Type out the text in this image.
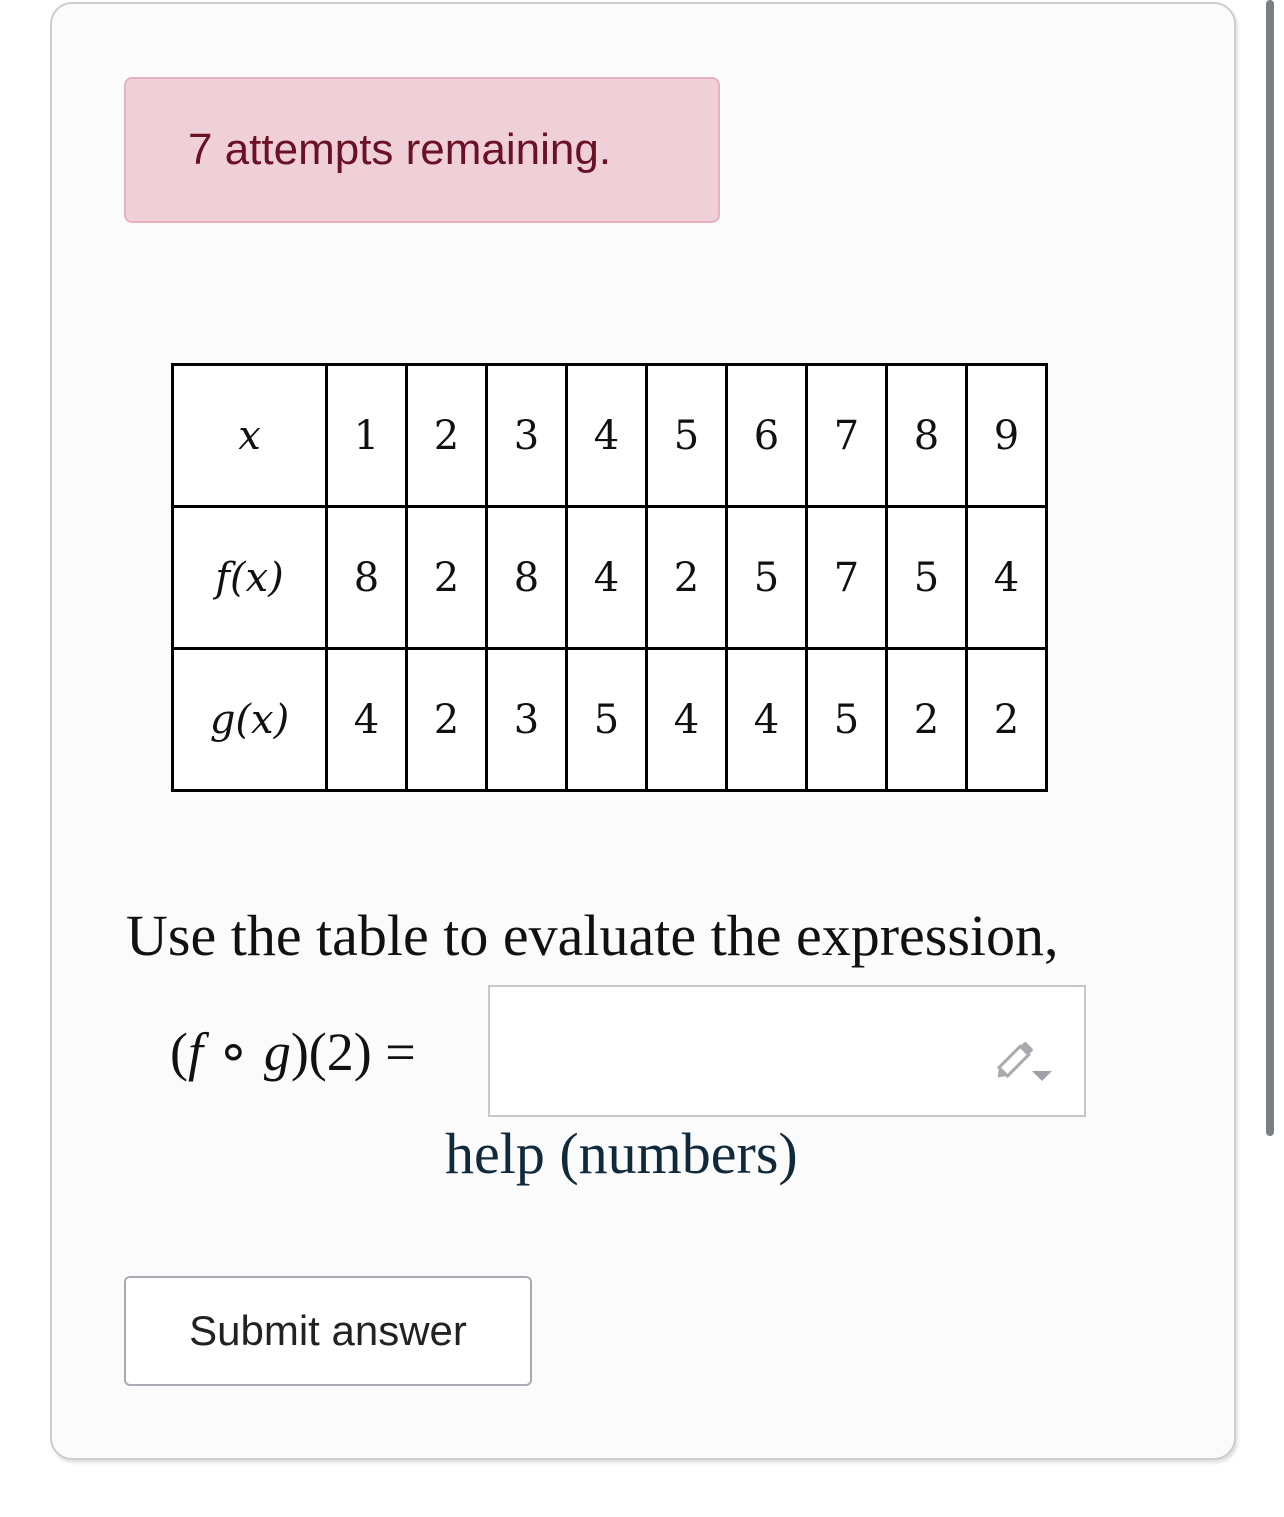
7 attempts remaining.
x	1	2	3	4	5	6	7	8	9
f(x)	8	2	8	4	2	5	7	5	4
g(x)	4	2	3	5	4	4	5	2	2
Use the table to evaluate the expression,
(f ∘ g)(2) =
help (numbers)
Submit answer
